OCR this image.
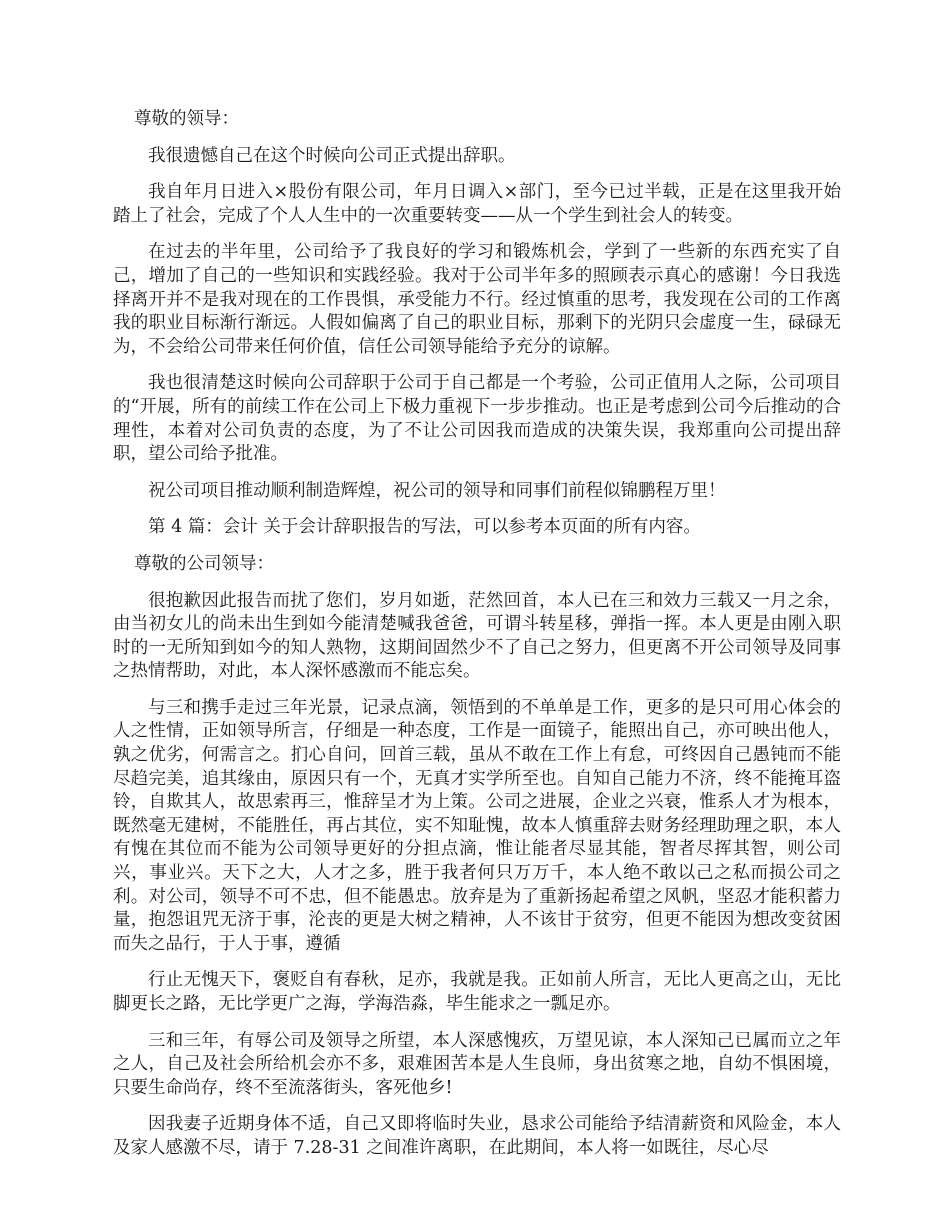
尊敬的领导：

我很遗憾自己在这个时候向公司正式提出辞职。

我自年月日进入×股份有限公司，年月日调入×部门，至今已过半载，正是在这里我开始踏上了社会，完成了个人人生中的一次重要转变——从一个学生到社会人的转变。

在过去的半年里，公司给予了我良好的学习和锻炼机会，学到了一些新的东西充实了自己，增加了自己的一些知识和实践经验。我对于公司半年多的照顾表示真心的感谢！今日我选择离开并不是我对现在的工作畏惧，承受能力不行。经过慎重的思考，我发现在公司的工作离我的职业目标渐行渐远。人假如偏离了自己的职业目标，那剩下的光阴只会虚度一生，碌碌无为，不会给公司带来任何价值，信任公司领导能给予充分的谅解。

我也很清楚这时候向公司辞职于公司于自己都是一个考验，公司正值用人之际，公司项目的“开展，所有的前续工作在公司上下极力重视下一步步推动。也正是考虑到公司今后推动的合理性，本着对公司负责的态度，为了不让公司因我而造成的决策失误，我郑重向公司提出辞职，望公司给予批准。

祝公司项目推动顺利制造辉煌，祝公司的领导和同事们前程似锦鹏程万里！

第 4 篇：会计 关于会计辞职报告的写法，可以参考本页面的所有内容。

尊敬的公司领导：

很抱歉因此报告而扰了您们，岁月如逝，茫然回首，本人已在三和效力三载又一月之余，由当初女儿的尚未出生到如今能清楚喊我爸爸，可谓斗转星移，弹指一挥。本人更是由刚入职时的一无所知到如今的知人熟物，这期间固然少不了自己之努力，但更离不开公司领导及同事之热情帮助，对此，本人深怀感激而不能忘矣。

与三和携手走过三年光景，记录点滴，领悟到的不单单是工作，更多的是只可用心体会的人之性情，正如领导所言，仔细是一种态度，工作是一面镜子，能照出自己，亦可映出他人，孰之优劣，何需言之。扪心自问，回首三载，虽从不敢在工作上有怠，可终因自己愚钝而不能尽趋完美，追其缘由，原因只有一个，无真才实学所至也。自知自己能力不济，终不能掩耳盗铃，自欺其人，故思索再三，惟辞呈才为上策。公司之进展，企业之兴衰，惟系人才为根本，既然毫无建树，不能胜任，再占其位，实不知耻愧，故本人慎重辞去财务经理助理之职，本人有愧在其位而不能为公司领导更好的分担点滴，惟让能者尽显其能，智者尽挥其智，则公司兴，事业兴。天下之大，人才之多，胜于我者何只万万千，本人绝不敢以己之私而损公司之利。对公司，领导不可不忠，但不能愚忠。放弃是为了重新扬起希望之风帆，坚忍才能积蓄力量，抱怨诅咒无济于事，沦丧的更是大树之精神，人不该甘于贫穷，但更不能因为想改变贫困而失之品行，于人于事，遵循

行止无愧天下，褒贬自有春秋，足亦，我就是我。正如前人所言，无比人更高之山，无比脚更长之路，无比学更广之海，学海浩淼，毕生能求之一瓢足亦。

三和三年，有辱公司及领导之所望，本人深感愧疚，万望见谅，本人深知己已属而立之年之人，自己及社会所给机会亦不多，艰难困苦本是人生良师，身出贫寒之地，自幼不惧困境，只要生命尚存，终不至流落街头，客死他乡!

因我妻子近期身体不适，自己又即将临时失业，恳求公司能给予结清薪资和风险金，本人及家人感激不尽，请于 7.28-31 之间准许离职，在此期间，本人将一如既往，尽心尽
